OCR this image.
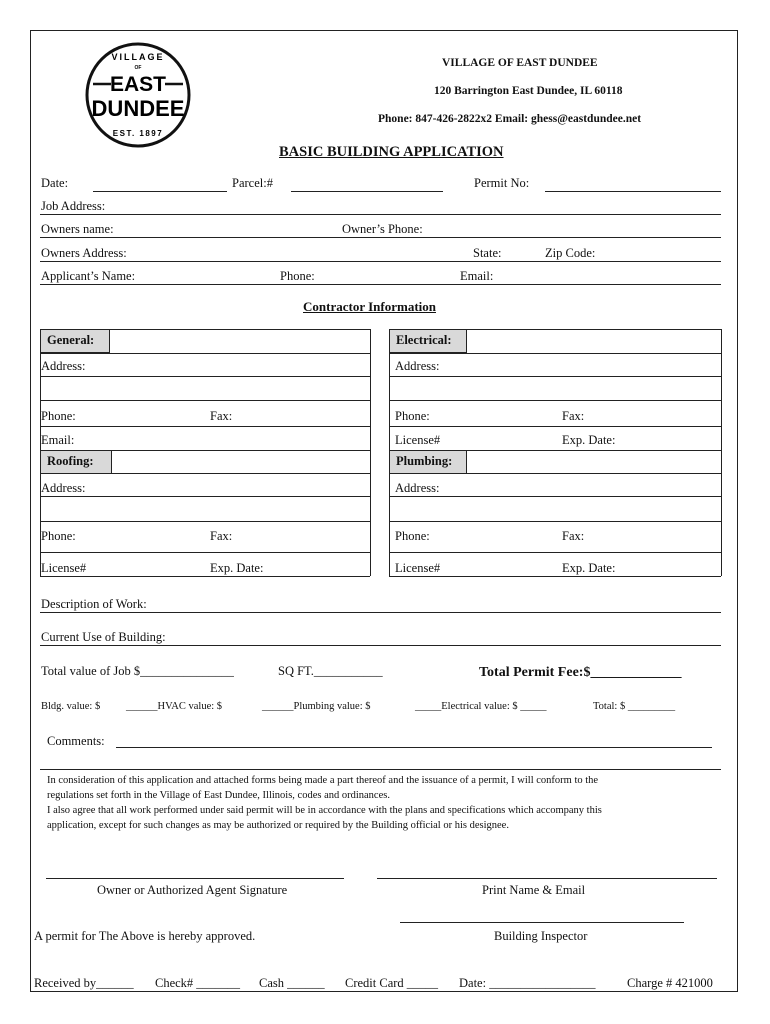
VILLAGE
OF
EAST
DUNDEE
EST. 1897
VILLAGE OF EAST DUNDEE
120 Barrington East Dundee, IL 60118
Phone: 847-426-2822x2 Email: ghess@eastdundee.net
BASIC BUILDING APPLICATION
Date:	Parcel:#	Permit No:
Job Address:
Owners name:	Owner’s Phone:
Owners Address:	State:	Zip Code:
Applicant’s Name:	Phone:	Email:
Contractor Information
General:
Address:
Phone:	Fax:
Email:
Electrical:
Address:
Phone:	Fax:
License#	Exp. Date:
Roofing:
Address:
Phone:	Fax:
License#	Exp. Date:
Plumbing:
Address:
Phone:	Fax:
License#	Exp. Date:
Description of Work:
Current Use of Building:
Total value of Job $_______________	SQ FT.___________	Total Permit Fee:$_____________
Bldg. value: $ ______HVAC value: $	______Plumbing value: $	_____Electrical value: $ _____	Total: $ _________
Comments:
In consideration of this application and attached forms being made a part thereof and the issuance of a permit, I will conform to the
regulations set forth in the Village of East Dundee, Illinois, codes and ordinances.
I also agree that all work performed under said permit will be in accordance with the plans and specifications which accompany this
application, except for such changes as may be authorized or required by the Building official or his designee.
Owner or Authorized Agent Signature	Print Name & Email
A permit for The Above is hereby approved.	Building Inspector
Received by______ Check# _______ Cash ______ Credit Card _____ Date: _________________	Charge # 421000
